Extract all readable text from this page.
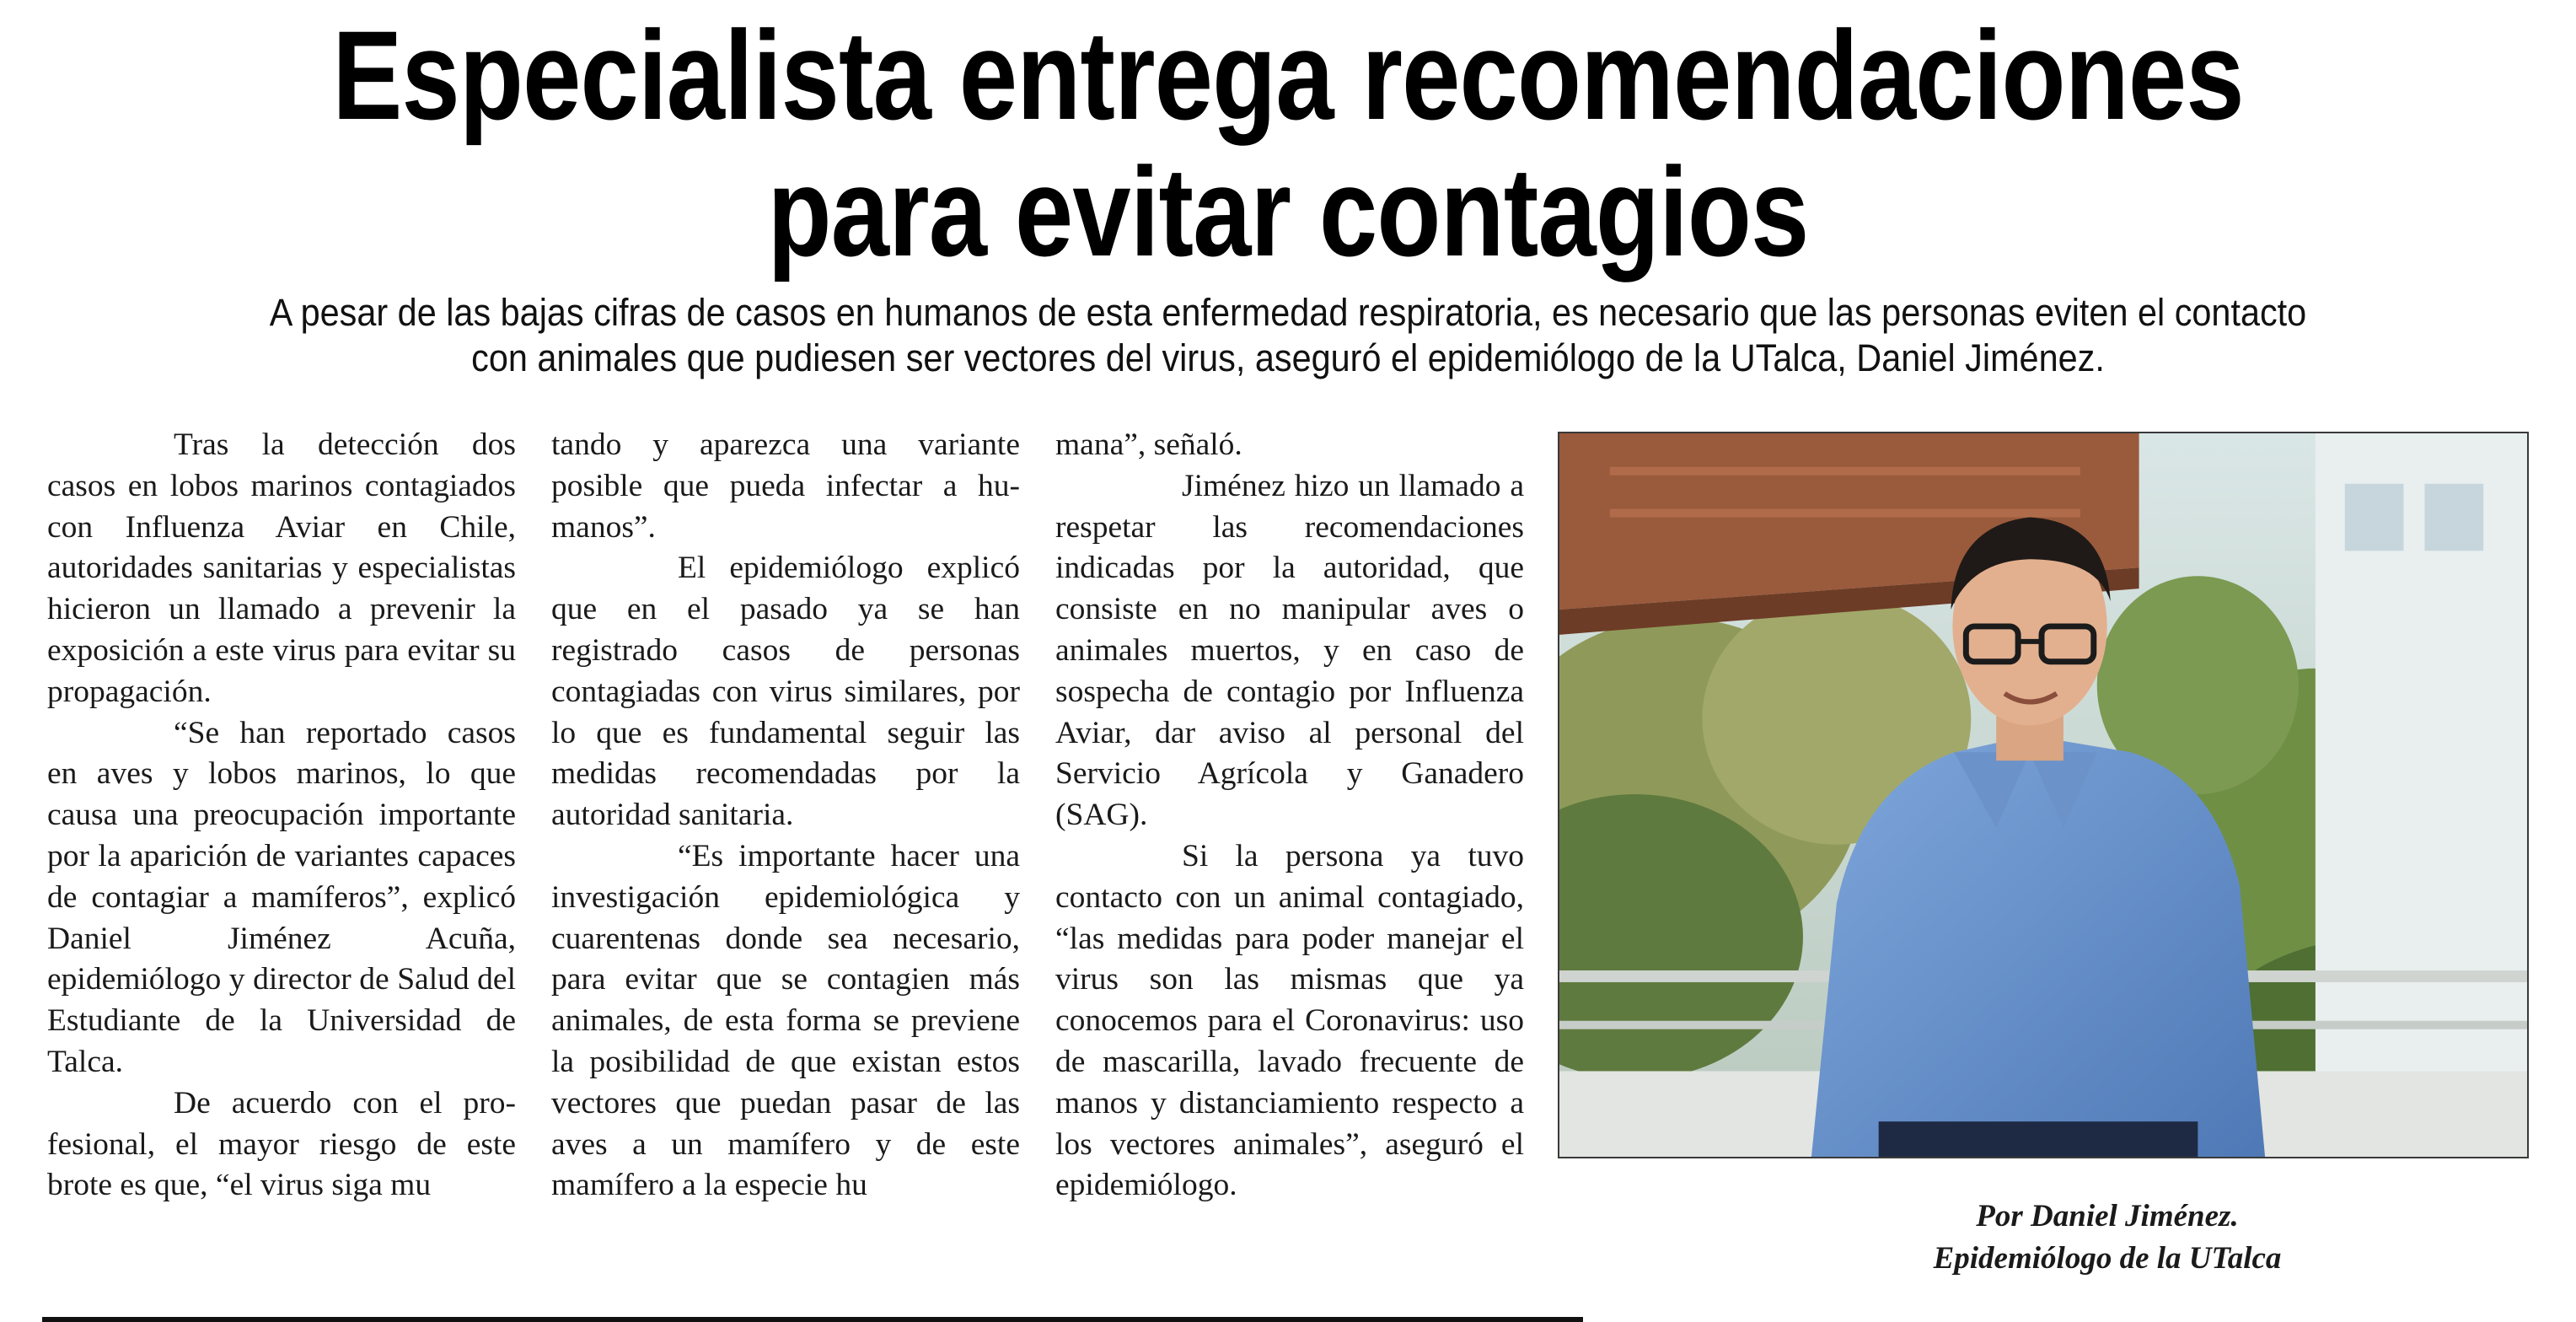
Especialista entrega recomendaciones
para evitar contagios
A pesar de las bajas cifras de casos en humanos de esta enfermedad respiratoria, es necesario que las personas eviten el contacto
con animales que pudiesen ser vectores del virus, aseguró el epidemiólogo de la UTalca, Daniel Jiménez.

Tras la detección dos casos en lobos marinos contagiados con Influenza Aviar en Chile, autoridades sanitarias y especialistas hicieron un llamado a prevenir la exposición a este virus para evitar su propagación.

“Se han reportado casos en aves y lobos marinos, lo que causa una preocupación importante por la aparición de variantes capaces de contagiar a mamíferos”, explicó Daniel Jiménez Acuña, epidemiólogo y director de Salud del Estudiante de la Universidad de Talca.

De acuerdo con el profesional, el mayor riesgo de este brote es que, “el virus siga mu

tando y aparezca una variante posible que pueda infectar a humanos”.

El epidemiólogo explicó que en el pasado ya se han registrado casos de personas contagiadas con virus similares, por lo que es fundamental seguir las medidas recomendadas por la autoridad sanitaria.

“Es importante hacer una investigación epidemiológica y cuarentenas donde sea necesario, para evitar que se contagien más animales, de esta forma se previene la posibilidad de que existan estos vectores que puedan pasar de las aves a un mamífero y de este mamífero a la especie hu

mana”, señaló.

Jiménez hizo un llamado a respetar las recomendaciones indicadas por la autoridad, que consiste en no manipular aves o animales muertos, y en caso de sospecha de contagio por Influenza Aviar, dar aviso al personal del Servicio Agrícola y Ganadero (SAG).

Si la persona ya tuvo contacto con un animal contagiado, “las medidas para poder manejar el virus son las mismas que ya conocemos para el Coronavirus: uso de mascarilla, lavado frecuente de manos y distanciamiento respecto a los vectores animales”, aseguró el epidemiólogo.

Por Daniel Jiménez.
Epidemiólogo de la UTalca
